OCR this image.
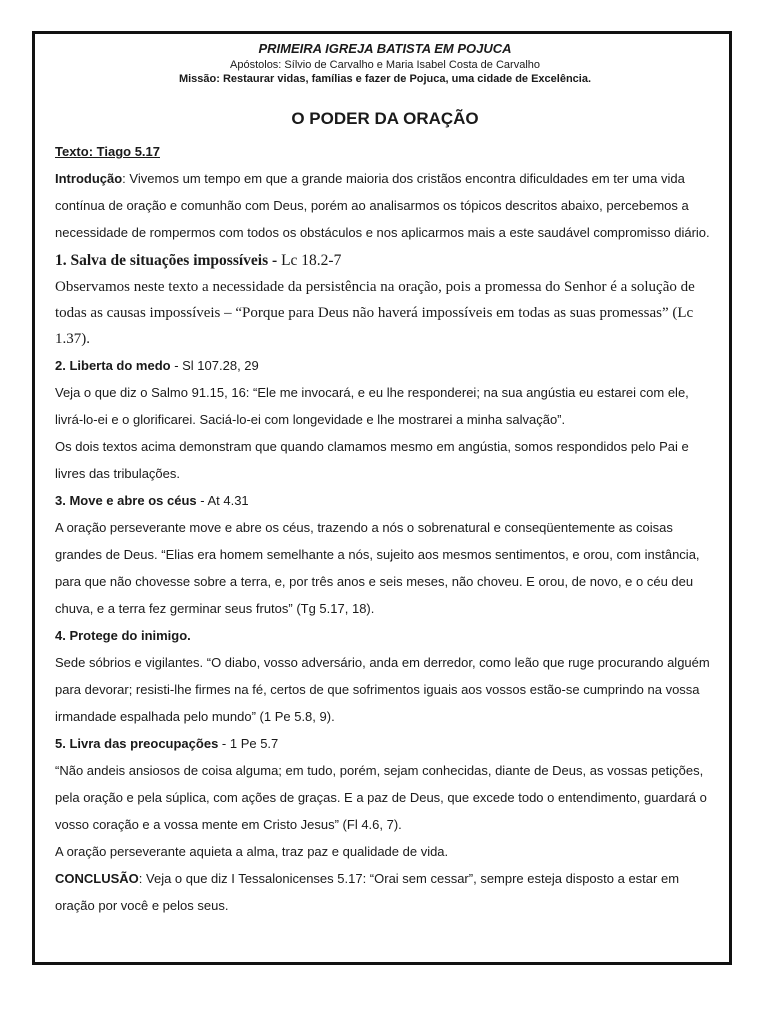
PRIMEIRA IGREJA BATISTA EM POJUCA

Apóstolos: Sílvio de Carvalho e Maria Isabel Costa de Carvalho

Missão: Restaurar vidas, famílias e fazer de Pojuca, uma cidade de Excelência.

O PODER DA ORAÇÃO

Texto: Tiago 5.17

Introdução: Vivemos um tempo em que a grande maioria dos cristãos encontra dificuldades em ter uma vida contínua de oração e comunhão com Deus, porém ao analisarmos os tópicos descritos abaixo, percebemos a necessidade de rompermos com todos os obstáculos e nos aplicarmos mais a este saudável compromisso diário.

1. Salva de situações impossíveis - Lc 18.2-7

Observamos neste texto a necessidade da persistência na oração, pois a promessa do Senhor é a solução de todas as causas impossíveis – “Porque para Deus não haverá impossíveis em todas as suas promessas” (Lc 1.37).

2. Liberta do medo - Sl 107.28, 29

Veja o que diz o Salmo 91.15, 16: “Ele me invocará, e eu lhe responderei; na sua angústia eu estarei com ele, livrá-lo-ei e o glorificarei. Saciá-lo-ei com longevidade e lhe mostrarei a minha salvação”.

Os dois textos acima demonstram que quando clamamos mesmo em angústia, somos respondidos pelo Pai e livres das tribulações.

3. Move e abre os céus - At 4.31

A oração perseverante move e abre os céus, trazendo a nós o sobrenatural e conseqüentemente as coisas grandes de Deus. “Elias era homem semelhante a nós, sujeito aos mesmos sentimentos, e orou, com instância, para que não chovesse sobre a terra, e, por três anos e seis meses, não choveu. E orou, de novo, e o céu deu chuva, e a terra fez germinar seus frutos” (Tg 5.17, 18).

4. Protege do inimigo.

Sede sóbrios e vigilantes. “O diabo, vosso adversário, anda em derredor, como leão que ruge procurando alguém para devorar; resisti-lhe firmes na fé, certos de que sofrimentos iguais aos vossos estão-se cumprindo na vossa irmandade espalhada pelo mundo” (1 Pe 5.8, 9).

5. Livra das preocupações - 1 Pe 5.7

“Não andeis ansiosos de coisa alguma; em tudo, porém, sejam conhecidas, diante de Deus, as vossas petições, pela oração e pela súplica, com ações de graças. E a paz de Deus, que excede todo o entendimento, guardará o vosso coração e a vossa mente em Cristo Jesus” (Fl 4.6, 7).

A oração perseverante aquieta a alma, traz paz e qualidade de vida.

CONCLUSÃO: Veja o que diz I Tessalonicenses 5.17: “Orai sem cessar”, sempre esteja disposto a estar em oração por você e pelos seus.
